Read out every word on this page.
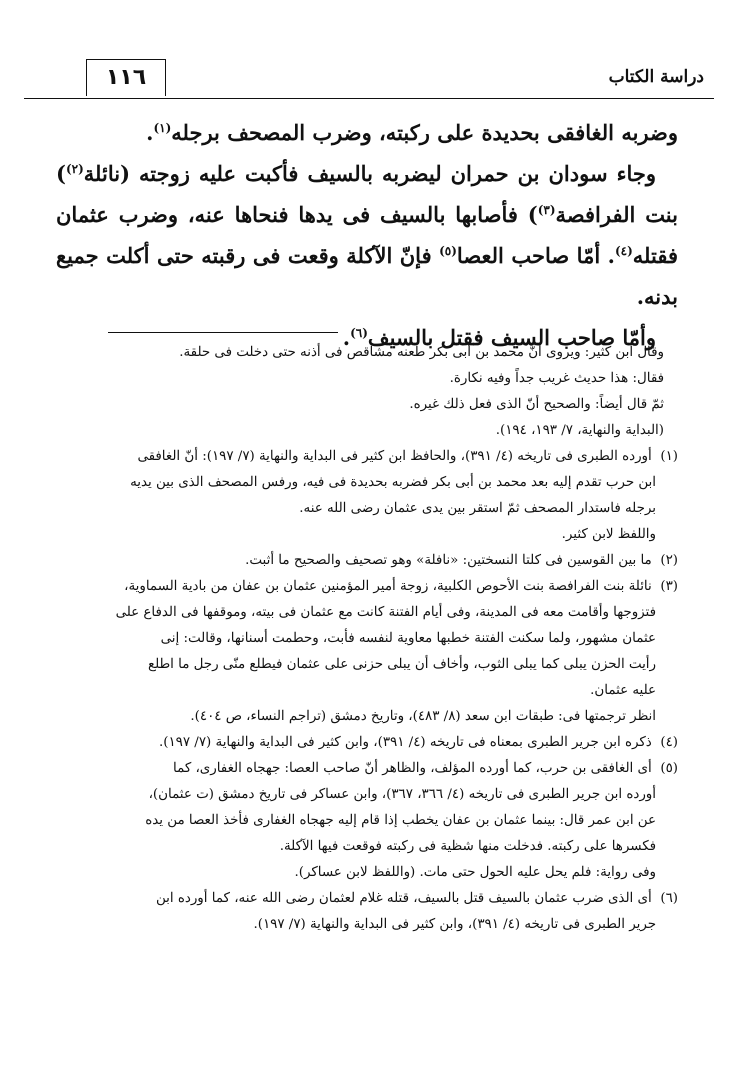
١١٦	دراسة الكتاب

وضربه الغافقى بحديدة على ركبته، وضرب المصحف برجله$^{(١)}$.

وجاء سودان بن حمران ليضربه بالسيف فأكبت عليه زوجته (نائلة$^{(٢)}$) بنت الفرافصة$^{(٣)}$) فأصابها بالسيف فى يدها فنحاها عنه، وضرب عثمان فقتله$^{(٤)}$. أمّا صاحب العصا$^{(٥)}$ فإنّ الآكلة وقعت فى رقبته حتى أكلت جميع بدنه.

وأمّا صاحب السيف فقتل بالسيف$^{(٦)}$.

وقال ابن كثير: ويروى أنّ محمد بن أبى بكر طعنه مشاقص فى أذنه حتى دخلت فى حلقة.

فقال: هذا حديث غريب جداً وفيه نكارة.

ثمّ قال أيضاً: والصحيح أنّ الذى فعل ذلك غيره.

(البداية والنهاية، ٧/ ١٩٣، ١٩٤).

(١) أورده الطبرى فى تاريخه (٤/ ٣٩١)، والحافظ ابن كثير فى البداية والنهاية (٧/ ١٩٧): أنّ الغافقى

ابن حرب تقدم إليه بعد محمد بن أبى بكر فضربه بحديدة فى فيه، ورفس المصحف الذى بين يديه

برجله فاستدار المصحف ثمّ استقر بين يدى عثمان رضى الله عنه.

واللفظ لابن كثير.

(٢) ما بين القوسين فى كلتا النسختين: «نافلة» وهو تصحيف والصحيح ما أثبت.

(٣) نائلة بنت الفرافصة بنت الأحوص الكلبية، زوجة أمير المؤمنين عثمان بن عفان من بادية السماوية،

فتزوجها وأقامت معه فى المدينة، وفى أيام الفتنة كانت مع عثمان فى بيته، وموقفها فى الدفاع على

عثمان مشهور، ولما سكنت الفتنة خطبها معاوية لنفسه فأبت، وحطمت أسنانها، وقالت: إنى

رأيت الحزن يبلى كما يبلى الثوب، وأخاف أن يبلى حزنى على عثمان فيطلع منّى رجل ما اطلع

عليه عثمان.

انظر ترجمتها فى: طبقات ابن سعد (٨/ ٤٨٣)، وتاريخ دمشق (تراجم النساء، ص ٤٠٤).

(٤) ذكره ابن جرير الطبرى بمعناه فى تاريخه (٤/ ٣٩١)، وابن كثير فى البداية والنهاية (٧/ ١٩٧).

(٥) أى الغافقى بن حرب، كما أورده المؤلف، والظاهر أنّ صاحب العصا: جهجاه الغفارى، كما

أورده ابن جرير الطبرى فى تاريخه (٤/ ٣٦٦، ٣٦٧)، وابن عساكر فى تاريخ دمشق (ت عثمان)،

عن ابن عمر قال: بينما عثمان بن عفان يخطب إذا قام إليه جهجاه الغفارى فأخذ العصا من يده

فكسرها على ركبته. فدخلت منها شظية فى ركبته فوقعت فيها الآكلة.

وفى رواية: فلم يحل عليه الحول حتى مات. (واللفظ لابن عساكر).

(٦) أى الذى ضرب عثمان بالسيف قتل بالسيف، قتله غلام لعثمان رضى الله عنه، كما أورده ابن

جرير الطبرى فى تاريخه (٤/ ٣٩١)، وابن كثير فى البداية والنهاية (٧/ ١٩٧).
